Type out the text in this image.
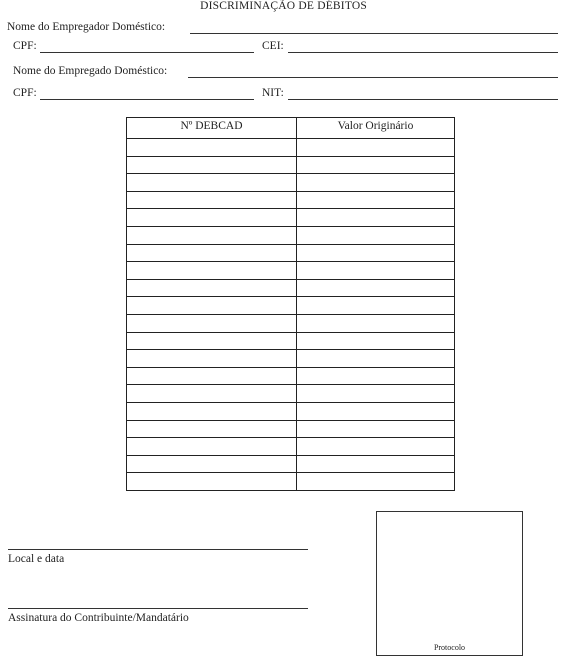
DISCRIMINAÇÃO DE DÉBITOS
Nome do Empregador Doméstico:
CPF:	CEI:
Nome do Empregado Doméstico:
CPF:	NIT:
Nº DEBCAD	Valor Originário

Local e data
Assinatura do Contribuinte/Mandatário
Protocolo
